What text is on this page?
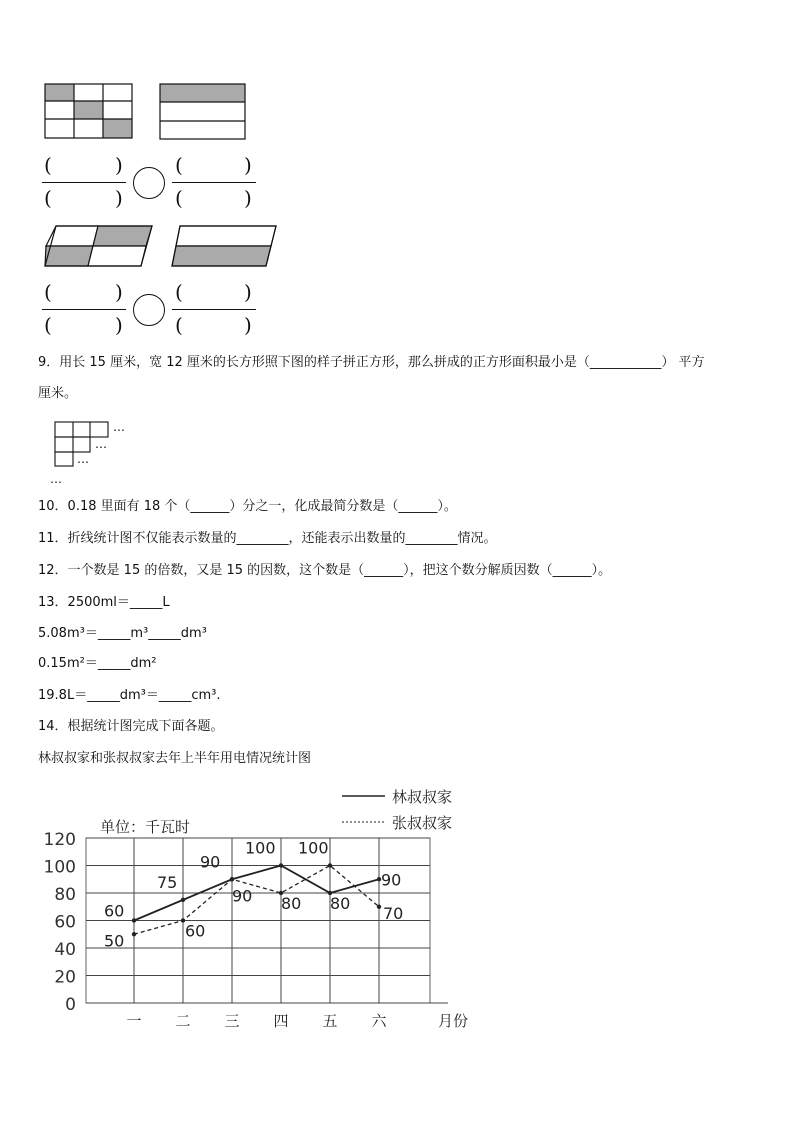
(	)
(	)
(	)
(	)
(	)
(	)
(	)
(	)
9．用长 15 厘米，宽 12 厘米的长方形照下图的样子拼正方形，那么拼成的正方形面积最小是（___________） 平方
厘米。
…
…
…
…
10．0.18 里面有 18 个（______）分之一，化成最简分数是（______）。
11．折线统计图不仅能表示数量的________，还能表示出数量的________情况。
12．一个数是 15 的倍数，又是 15 的因数，这个数是（______），把这个数分解质因数（______）。
13．2500ml＝_____L
5.08m³＝_____m³_____dm³
0.15m²＝_____dm²
19.8L＝_____dm³＝_____cm³.
14．根据统计图完成下面各题。
林叔叔家和张叔叔家去年上半年用电情况统计图
0
20
40
60
80
100
120
一 二 三 四 五 六	月份
单位：千瓦时
林叔叔家
张叔叔家
60
75
90
100
80
90
50
60
90 80
100
70
